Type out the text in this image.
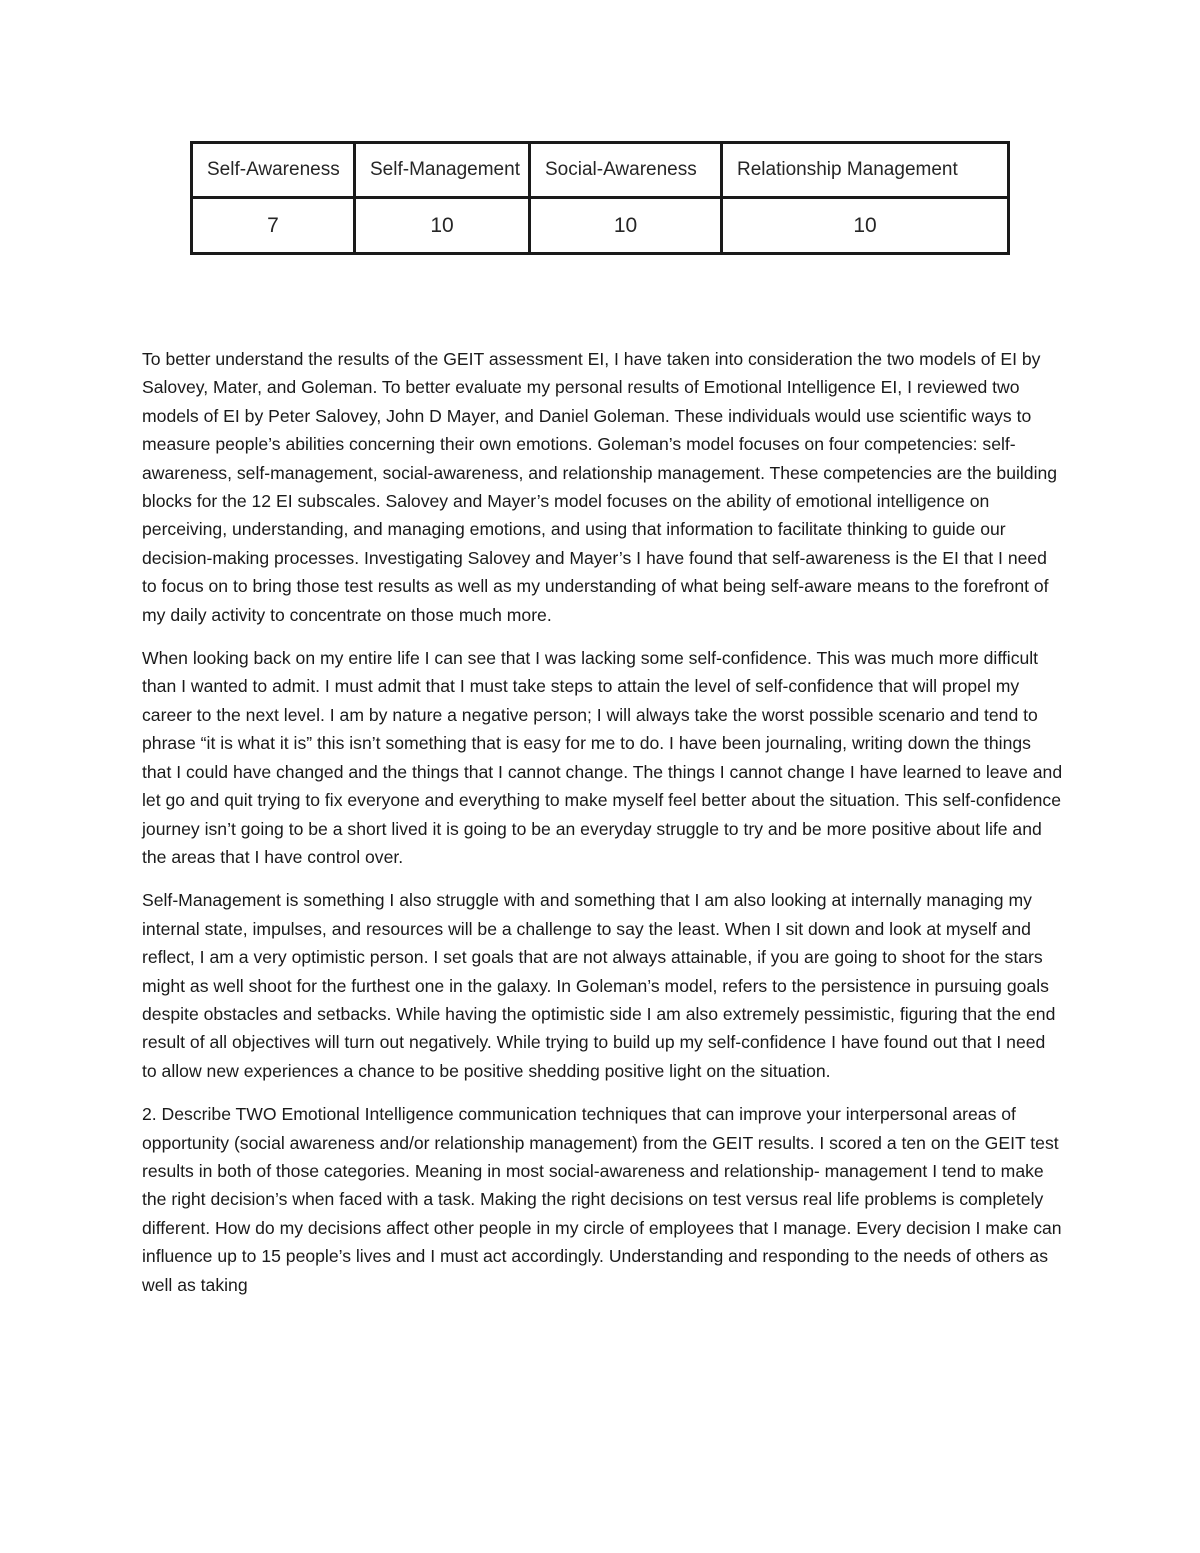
Self-Awareness	Self-Management	Social-Awareness	Relationship Management
7	10	10	10

To better understand the results of the GEIT assessment EI, I have taken into consideration the two models of EI by Salovey, Mater, and Goleman. To better evaluate my personal results of Emotional Intelligence EI, I reviewed two models of EI by Peter Salovey, John D Mayer, and Daniel Goleman. These individuals would use scientific ways to measure people’s abilities concerning their own emotions. Goleman’s model focuses on four competencies: self-awareness, self-management, social-awareness, and relationship management. These competencies are the building blocks for the 12 EI subscales. Salovey and Mayer’s model focuses on the ability of emotional intelligence on perceiving, understanding, and managing emotions, and using that information to facilitate thinking to guide our decision-making processes. Investigating Salovey and Mayer’s I have found that self-awareness is the EI that I need to focus on to bring those test results as well as my understanding of what being self-aware means to the forefront of my daily activity to concentrate on those much more.

When looking back on my entire life I can see that I was lacking some self-confidence. This was much more difficult than I wanted to admit. I must admit that I must take steps to attain the level of self-confidence that will propel my career to the next level. I am by nature a negative person; I will always take the worst possible scenario and tend to phrase “it is what it is” this isn’t something that is easy for me to do. I have been journaling, writing down the things that I could have changed and the things that I cannot change. The things I cannot change I have learned to leave and let go and quit trying to fix everyone and everything to make myself feel better about the situation. This self-confidence journey isn’t going to be a short lived it is going to be an everyday struggle to try and be more positive about life and the areas that I have control over.

Self-Management is something I also struggle with and something that I am also looking at internally managing my internal state, impulses, and resources will be a challenge to say the least. When I sit down and look at myself and reflect, I am a very optimistic person. I set goals that are not always attainable, if you are going to shoot for the stars might as well shoot for the furthest one in the galaxy. In Goleman’s model, refers to the persistence in pursuing goals despite obstacles and setbacks. While having the optimistic side I am also extremely pessimistic, figuring that the end result of all objectives will turn out negatively. While trying to build up my self-confidence I have found out that I need to allow new experiences a chance to be positive shedding positive light on the situation.

2. Describe TWO Emotional Intelligence communication techniques that can improve your interpersonal areas of opportunity (social awareness and/or relationship management) from the GEIT results. I scored a ten on the GEIT test results in both of those categories. Meaning in most social-awareness and relationship- management I tend to make the right decision’s when faced with a task. Making the right decisions on test versus real life problems is completely different. How do my decisions affect other people in my circle of employees that I manage. Every decision I make can influence up to 15 people’s lives and I must act accordingly. Understanding and responding to the needs of others as well as taking
